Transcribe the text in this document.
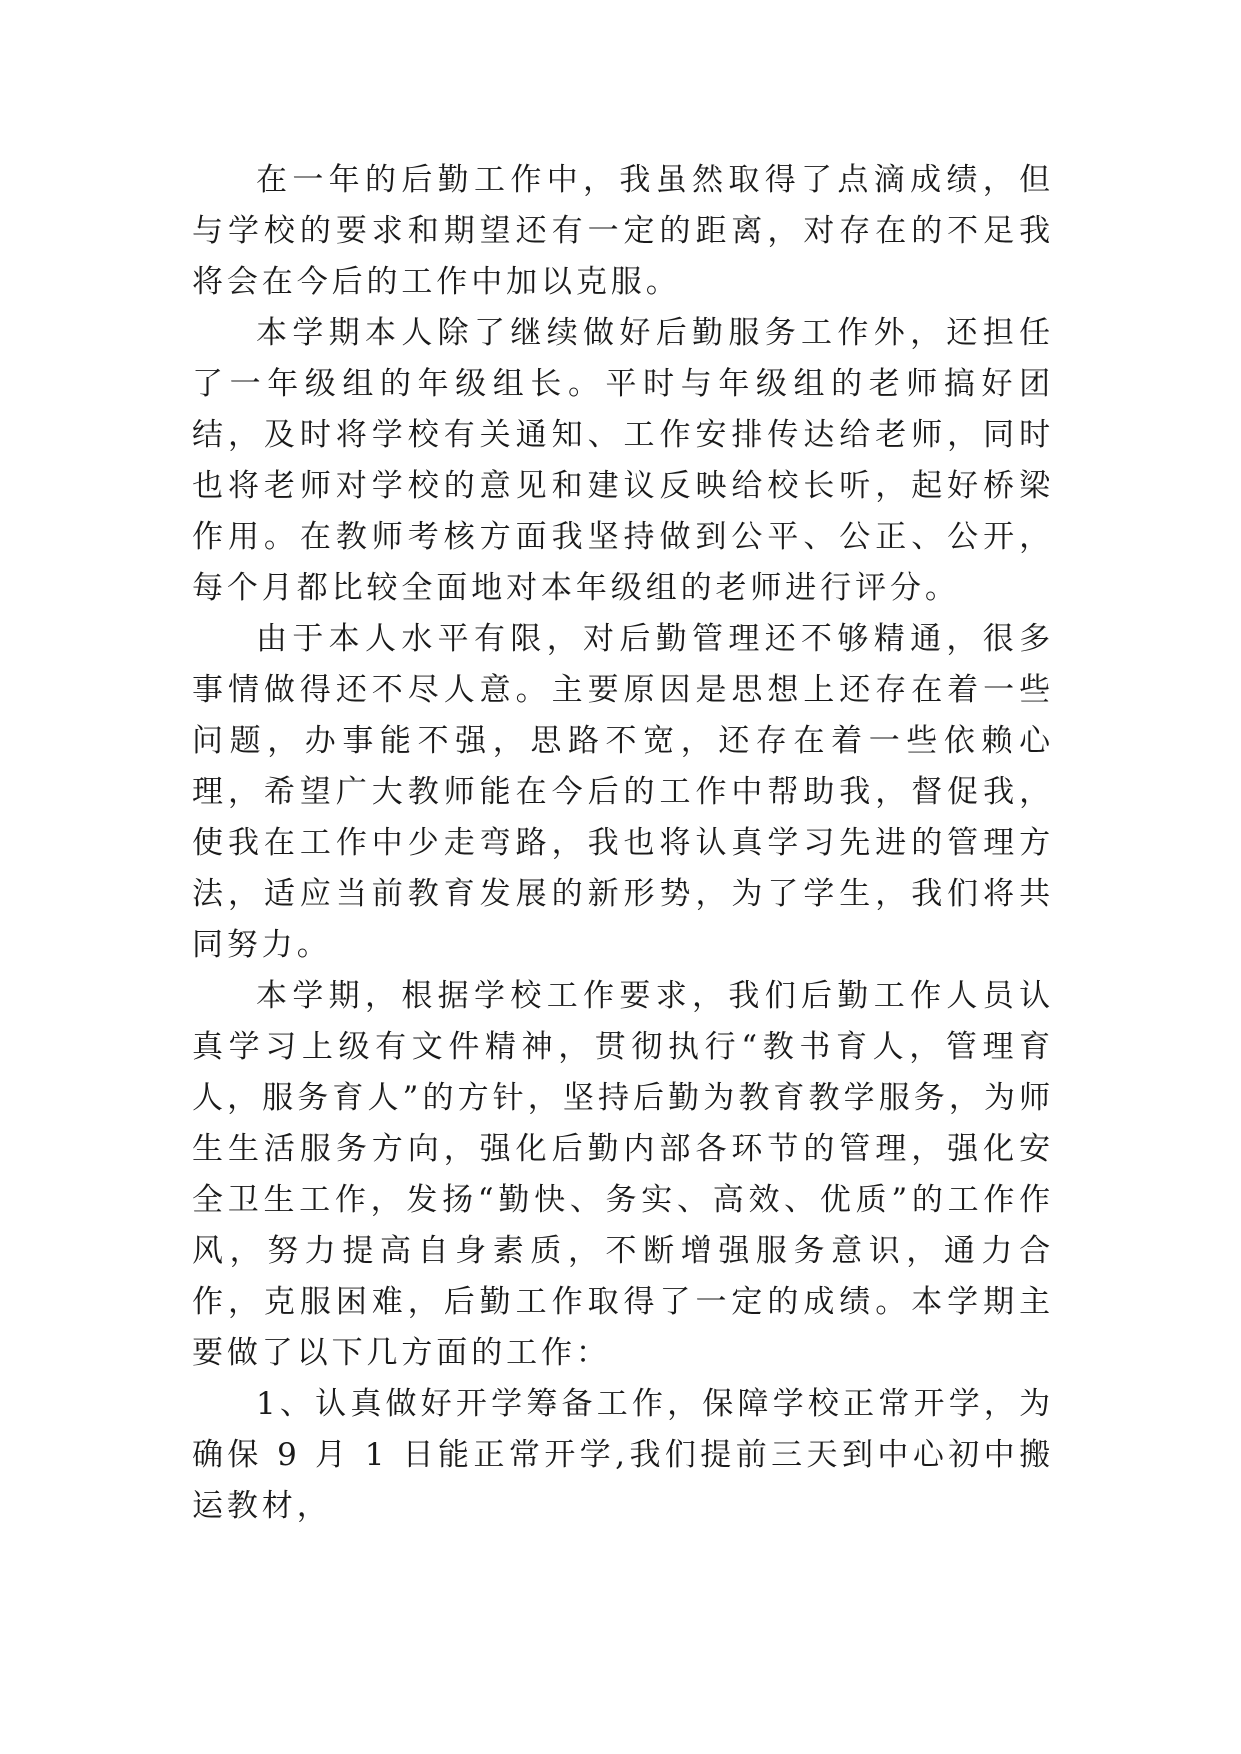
在一年的后勤工作中，我虽然取得了点滴成绩，但与学校的要求和期望还有一定的距离，对存在的不足我将会在今后的工作中加以克服。

本学期本人除了继续做好后勤服务工作外，还担任了一年级组的年级组长。平时与年级组的老师搞好团结，及时将学校有关通知、工作安排传达给老师，同时也将老师对学校的意见和建议反映给校长听，起好桥梁作用。在教师考核方面我坚持做到公平、公正、公开，每个月都比较全面地对本年级组的老师进行评分。

由于本人水平有限，对后勤管理还不够精通，很多事情做得还不尽人意。主要原因是思想上还存在着一些问题，办事能不强，思路不宽，还存在着一些依赖心理，希望广大教师能在今后的工作中帮助我，督促我，使我在工作中少走弯路，我也将认真学习先进的管理方法，适应当前教育发展的新形势，为了学生，我们将共同努力。

本学期，根据学校工作要求，我们后勤工作人员认真学习上级有文件精神，贯彻执行“教书育人，管理育人，服务育人”的方针，坚持后勤为教育教学服务，为师生生活服务方向，强化后勤内部各环节的管理，强化安全卫生工作，发扬“勤快、务实、高效、优质”的工作作风，努力提高自身素质，不断增强服务意识，通力合作，克服困难，后勤工作取得了一定的成绩。本学期主要做了以下几方面的工作：

1、认真做好开学筹备工作，保障学校正常开学，为确保 9 月 1 日能正常开学,我们提前三天到中心初中搬运教材，
